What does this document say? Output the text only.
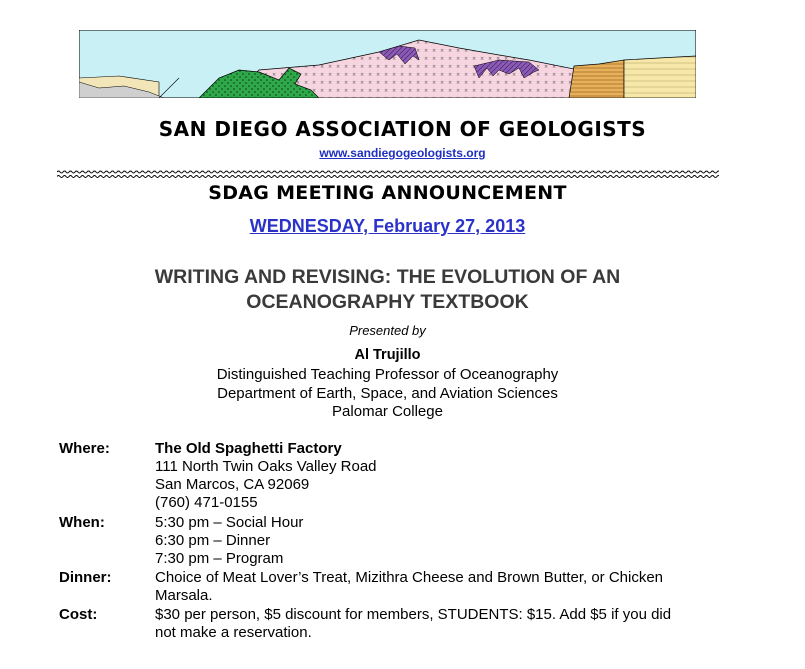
SAN DIEGO ASSOCIATION OF GEOLOGISTS
www.sandiegogeologists.org
SDAG MEETING ANNOUNCEMENT
WEDNESDAY, February 27, 2013
WRITING AND REVISING: THE EVOLUTION OF AN
OCEANOGRAPHY TEXTBOOK
Presented by
Al Trujillo
Distinguished Teaching Professor of Oceanography
Department of Earth, Space, and Aviation Sciences
Palomar College
Where:	The Old Spaghetti Factory
111 North Twin Oaks Valley Road
San Marcos, CA 92069
(760) 471-0155
When:	5:30 pm – Social Hour
6:30 pm – Dinner
7:30 pm – Program
Dinner:	Choice of Meat Lover’s Treat, Mizithra Cheese and Brown Butter, or Chicken
Marsala.
Cost:	$30 per person, $5 discount for members, STUDENTS: $15. Add $5 if you did
not make a reservation.
